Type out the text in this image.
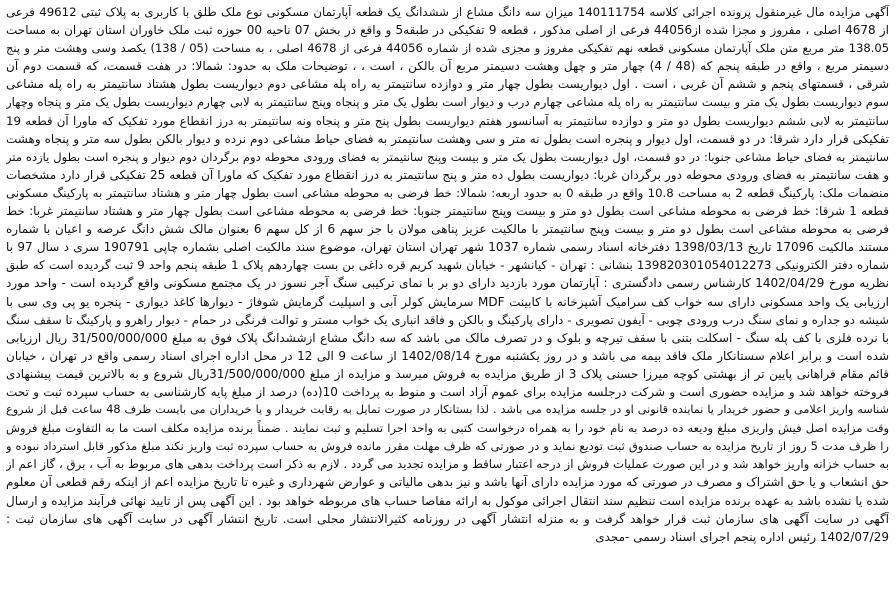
آگهی مزایده مال غیرمنقول پرونده اجرائی کلاسه 140111754 میزان سه دانگ مشاع از ششدانگ یک قطعه آپارتمان مسکونی نوع ملک طلق با کاربری به پلاک ثبتی 49612 فرعی
از 4678 اصلی ، مفروز و مجزا شده از44056 فرعی از اصلی مذکور ، قطعه 9 تفکیکی در طبقه5 و واقع در بخش 07 ناحیه 00 حوزه ثبت ملک خاوران استان تهران به مساحت
138.05 متر مربع متن ملک آپارتمان مسکونی قطعه نهم تفکیکی مفروز و مجزی شده از شماره 44056 فرعی از 4678 اصلی ، به مساحت (05 / 138) یکصد وسی وهشت متر و پنج
دسیمتر مربع ، واقع در طبقه پنجم که (48 / 4) چهار متر و چهل وهشت دسیمتر مربع آن بالکن ، است ، ، توضیحات ملک به حدود: شمالا: در هفت قسمت، که قسمت دوم آن
شرقی ، قسمتهای پنجم و ششم آن غربی ، است . اول دیواریست بطول چهار متر و دوازده سانتیمتر به راه پله مشاعی دوم دیواریست بطول هشتاد سانتیمتر به راه پله مشاعی
سوم دیواریست بطول یک متر و بیست سانتیمتر به راه پله مشاعی چهارم درب و دیوار است بطول یک متر و پنجاه وپنج سانتیمتر به لابی چهارم دیواریست بطول یک متر و پنجاه وچهار
سانتیمتر به لابی ششم دیواریست بطول دو متر و دوازده سانتیمتر به آسانسور هفتم دیواریست بطول پنج متر و پنجاه ونه سانتیمتر به درز انقطاع مورد تفکیک که ماورا آن قطعه 19
تفکیکی قرار دارد شرقا: در دو قسمت، اول دیوار و پنجره است بطول نه متر و سی وهشت سانتیمتر به فضای حیاط مشاعی دوم نرده و دیوار بالکن بطول سه متر و پنجاه وهشت
سانتیمتر به فضای حیاط مشاعی جنوبا: در دو قسمت، اول دیواریست بطول یک متر و بیست وپنج سانتیمتر به فضای ورودی محوطه دوم برگردان دوم دیوار و پنجره است بطول یازده متر
و هفت سانتیمتر به فضای ورودی محوطه دور برگردان غربا: دیواریست بطول ده متر و پنج سانتیمتر به درز انقطاع مورد تفکیک که ماورا آن قطعه 25 تفکیکی قرار دارد مشخصات
منضمات ملک: پارکینگ قطعه 2 به مساحت 10.8 واقع در طبقه 0 به حدود اربعه: شمالا: خط فرضی به محوطه مشاعی است بطول چهار متر و هشتاد سانتیمتر به پارکینگ مسکونی
قطعه 1 شرقا: خط فرضی به محوطه مشاعی است بطول دو متر و بیست وپنج سانتیمتر جنوبا: خط فرضی به محوطه مشاعی است بطول چهار متر و هشتاد سانتیمتر غربا: خط
فرضی به محوطه مشاعی است بطول دو متر و بیست وپنج سانتیمتر با مالکیت عزیز پناهی مولان با جز سهم 6 از کل سهم 6 بعنوان مالک شش دانگ عرصه و اعیان با شماره
مستند مالکیت 17096 تاریخ 1398/03/13 دفترخانه اسناد رسمی شماره 1037 شهر تهران استان تهران، موضوع سند مالکیت اصلی بشماره چاپی 190791 سری د سال 97 با
شماره دفتر الکترونیکی 139820301054012273 بنشانی : تهران - کیانشهر - خیابان شهید کریم قره داغی بن بست چهاردهم پلاک 1 طبقه پنجم واحد 9 ثبت گردیده است که طبق
نظریه مورخ 1402/04/29 کارشناس رسمی دادگستری : آپارتمان مورد بازدید دارای دو بر با نمای ترکیبی سنگ آجر نسوز در یک مجتمع مسکونی واقع گردیده است - واحد مورد
ارزیابی یک واحد مسکونی دارای سه خواب کف سرامیک آشپزخانه با کابینت MDF سرمایش کولر آبی و اسپلیت گرمایش شوفاژ - دیوارها کاغذ دیواری - پنجره یو پی وی سی با
شیشه دو جداره و نمای سنگ درب ورودی چوبی - آیفون تصویری - دارای پارکینگ و بالکن و فاقد انباری یک خواب مستر و توالت فرنگی در حمام - دیوار راهرو و پارکینگ تا سقف سنگ
با نرده فلزی با کف پله سنگ - اسکلت بتنی با سقف تیرچه و بلوک و در تصرف مالک می باشد که سه دانگ مشاع ازششدانگ پلاک فوق به مبلغ 31/500/000/000 ریال ارزیابی
شده است و برابر اعلام سستانکار ملک فاقد بیمه می باشد و در روز یکشنبه مورخ 1402/08/14 از ساعت 9 الی 12 در محل اداره اجرای اسناد رسمی واقع در تهران ، خیابان
قائم مقام فراهانی پایین تر از بهشتی کوچه میرزا حسنی پلاک 3 از طریق مزایده به فروش میرسد و مزایده از مبلغ 31/500/000/000ریال شروع و به بالاترین قیمت پیشنهادی
فروخته خواهد شد و مزایده حضوری است و شرکت درجلسه مزایده برای عموم آزاد است و منوط به پرداخت 10(ده) درصد از مبلغ پایه کارشناسی به حساب سپرده ثبت و تحت
شناسه واریز اعلامی و حضور خریدار یا نماینده قانونی او در جلسه مزایده می باشد . لذا بستانکار در صورت تمایل به رقابت خریدار و یا خریداران می بایست ظرف 48 ساعت قبل از شروع
وقت مزایده اصل فیش واریزی مبلغ ودیعه ده درصد به نام خود را به همراه درخواست کتبی به واحد اجرا تسلیم و ثبت نمایند . ضمناً برنده مزایده مکلف است ما به التفاوت مبلغ فروش
را ظرف مدت 5 روز از تاریخ مزایده به حساب صندوق ثبت تودیع نماید و در صورتی که ظرف مهلت مقرر مانده فروش به حساب سپرده ثبت واریز نکند مبلغ مذکور قابل استرداد نبوده و
به حساب خزانه واریز خواهد شد و در این صورت عملیات فروش از درجه اعتبار ساقط و مزایده تجدید می گردد . لازم به ذکر است پرداخت بدهی های مربوط به آب ، برق ، گاز اعم از
حق انشعاب و یا حق اشتراک و مصرف در صورتی که مورد مزایده دارای آنها باشد و نیز بدهی مالیاتی و عوارض شهرداری و غیره تا تاریخ مزایده اعم از اینکه رقم قطعی آن معلوم
شده یا نشده باشد به عهده برنده مزایده است تنظیم سند انتقال اجرائی موکول به ارائه مفاصا حساب های مربوطه خواهد بود . این آگهی پس از تایید نهائی فرآیند مزایده و ارسال
آگهی در سایت آگهی های سازمان ثبت قرار خواهد گرفت و به منزله انتشار آگهی در روزنامه کثیرالانتشار محلی است. تاریخ انتشار آگهی در سایت آگهی های سازمان ثبت :
1402/07/29 رئیس اداره پنجم اجرای اسناد رسمی -مجدی
